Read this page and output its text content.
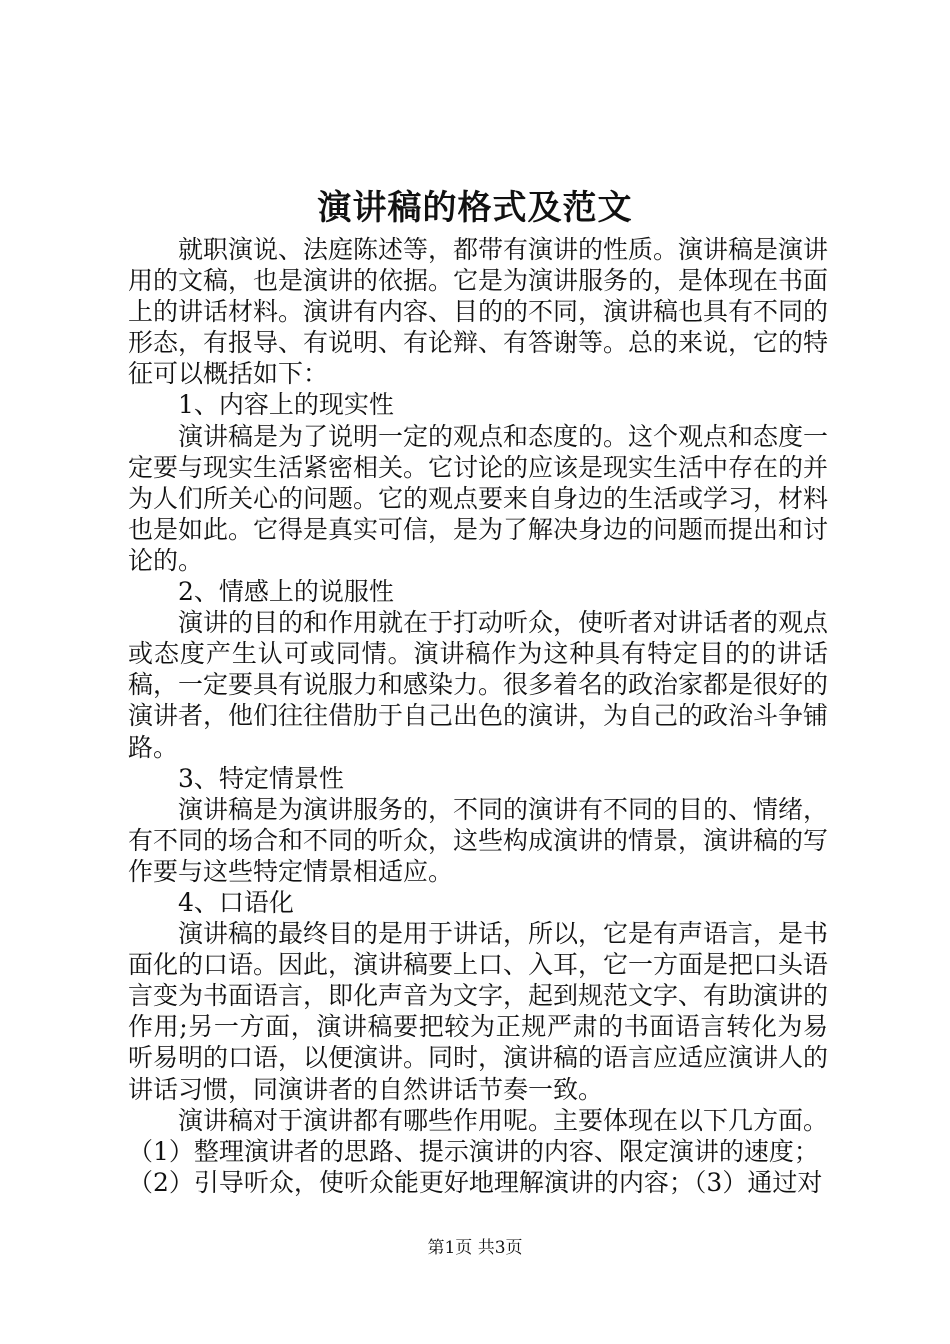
演讲稿的格式及范文

就职演说、法庭陈述等，都带有演讲的性质。演讲稿是演讲用的文稿，也是演讲的依据。它是为演讲服务的，是体现在书面上的讲话材料。演讲有内容、目的的不同，演讲稿也具有不同的形态，有报导、有说明、有论辩、有答谢等。总的来说，它的特征可以概括如下：

1、内容上的现实性

演讲稿是为了说明一定的观点和态度的。这个观点和态度一定要与现实生活紧密相关。它讨论的应该是现实生活中存在的并为人们所关心的问题。它的观点要来自身边的生活或学习，材料也是如此。它得是真实可信，是为了解决身边的问题而提出和讨论的。

2、情感上的说服性

演讲的目的和作用就在于打动听众，使听者对讲话者的观点或态度产生认可或同情。演讲稿作为这种具有特定目的的讲话稿，一定要具有说服力和感染力。很多着名的政治家都是很好的演讲者，他们往往借肋于自己出色的演讲，为自己的政治斗争铺路。

3、特定情景性

演讲稿是为演讲服务的，不同的演讲有不同的目的、情绪，有不同的场合和不同的听众，这些构成演讲的情景，演讲稿的写作要与这些特定情景相适应。

4、口语化

演讲稿的最终目的是用于讲话，所以，它是有声语言，是书面化的口语。因此，演讲稿要上口、入耳，它一方面是把口头语言变为书面语言，即化声音为文字，起到规范文字、有助演讲的作用;另一方面，演讲稿要把较为正规严肃的书面语言转化为易听易明的口语，以便演讲。同时，演讲稿的语言应适应演讲人的讲话习惯，同演讲者的自然讲话节奏一致。

演讲稿对于演讲都有哪些作用呢。主要体现在以下几方面。

（1）整理演讲者的思路、提示演讲的内容、限定演讲的速度；

（2）引导听众，使听众能更好地理解演讲的内容；（3）通过对

第1页 共3页
